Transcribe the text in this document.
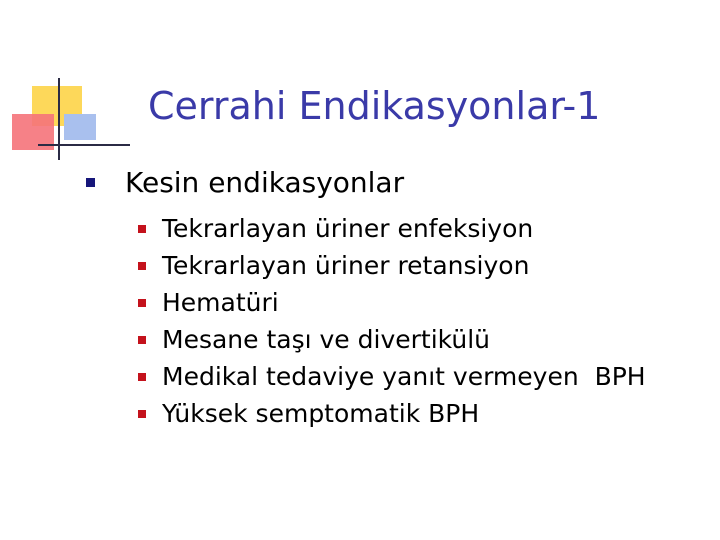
Cerrahi Endikasyonlar-1
Kesin endikasyonlar
Tekrarlayan üriner enfeksiyon
Tekrarlayan üriner retansiyon
Hematüri
Mesane taşı ve divertikülü
Medikal tedaviye yanıt vermeyen  BPH
Yüksek semptomatik BPH
